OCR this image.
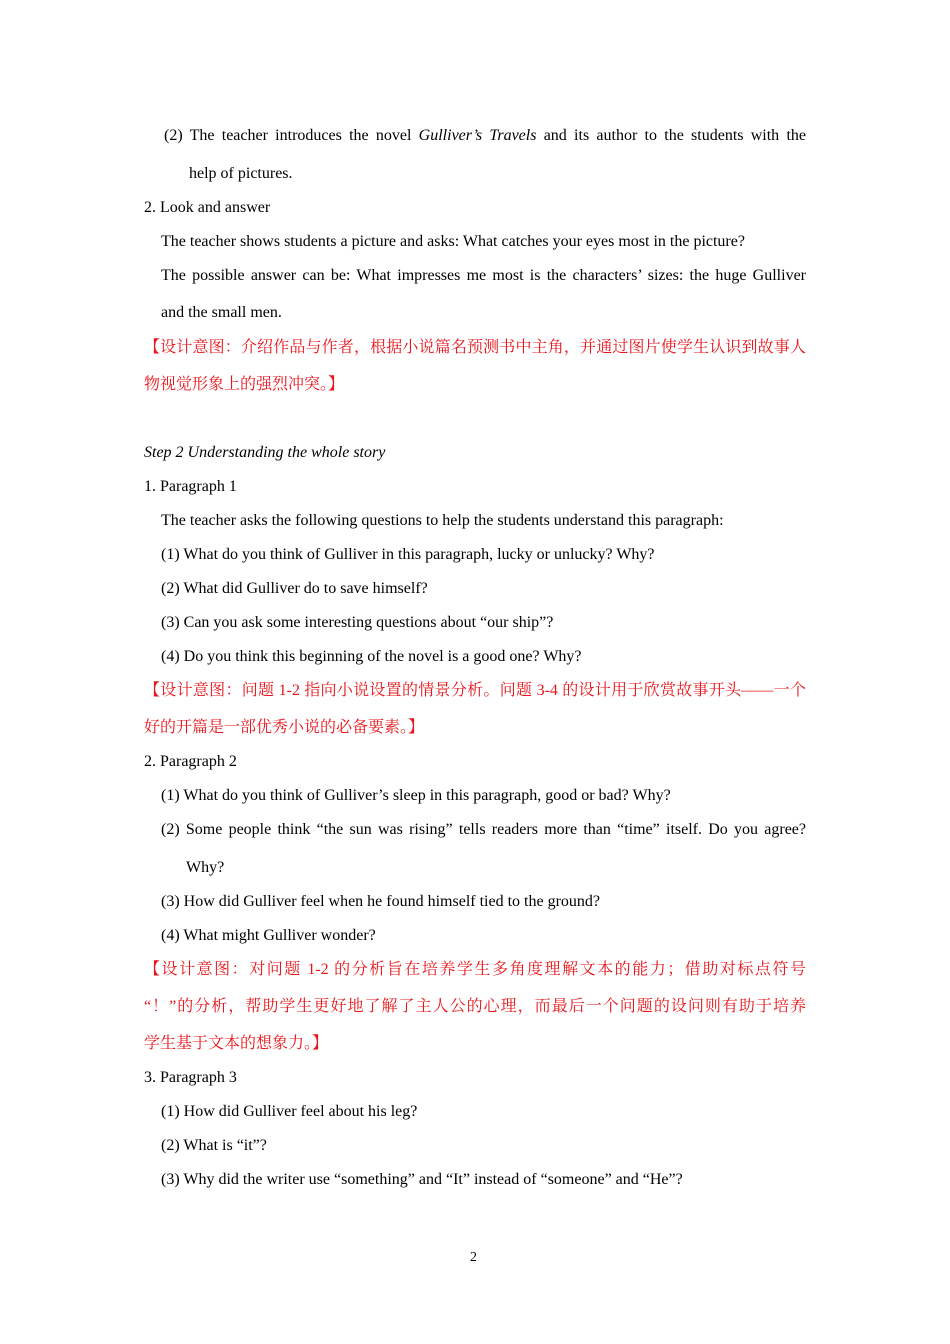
(2) The teacher introduces the novel Gulliver’s Travels and its author to the students with the
help of pictures.
2. Look and answer
The teacher shows students a picture and asks: What catches your eyes most in the picture?
The possible answer can be: What impresses me most is the characters’ sizes: the huge Gulliver
and the small men.
【设计意图：介绍作品与作者，根据小说篇名预测书中主角，并通过图片使学生认识到故事人
物视觉形象上的强烈冲突。】
Step 2 Understanding the whole story
1. Paragraph 1
The teacher asks the following questions to help the students understand this paragraph:
(1) What do you think of Gulliver in this paragraph, lucky or unlucky? Why?
(2) What did Gulliver do to save himself?
(3) Can you ask some interesting questions about “our ship”?
(4) Do you think this beginning of the novel is a good one? Why?
【设计意图：问题 1-2 指向小说设置的情景分析。问题 3-4 的设计用于欣赏故事开头——一个
好的开篇是一部优秀小说的必备要素。】
2. Paragraph 2
(1) What do you think of Gulliver’s sleep in this paragraph, good or bad? Why?
(2) Some people think “the sun was rising” tells readers more than “time” itself. Do you agree?
Why?
(3) How did Gulliver feel when he found himself tied to the ground?
(4) What might Gulliver wonder?
【设计意图：对问题 1-2 的分析旨在培养学生多角度理解文本的能力；借助对标点符号
“！”的分析，帮助学生更好地了解了主人公的心理，而最后一个问题的设问则有助于培养
学生基于文本的想象力。】
3. Paragraph 3
(1) How did Gulliver feel about his leg?
(2) What is “it”?
(3) Why did the writer use “something” and “It” instead of “someone” and “He”?
2
